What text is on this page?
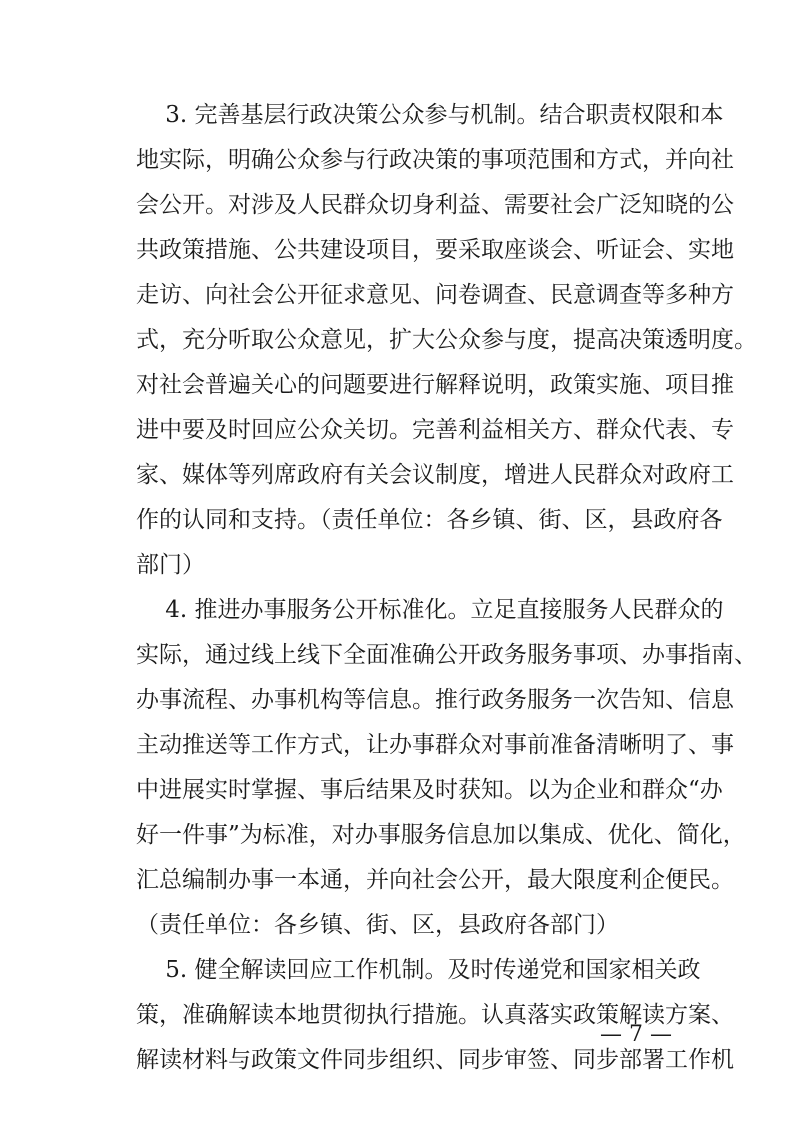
3. 完善基层行政决策公众参与机制。结合职责权限和本
地实际，明确公众参与行政决策的事项范围和方式，并向社
会公开。对涉及人民群众切身利益、需要社会广泛知晓的公
共政策措施、公共建设项目，要采取座谈会、听证会、实地
走访、向社会公开征求意见、问卷调查、民意调查等多种方
式，充分听取公众意见，扩大公众参与度，提高决策透明度。
对社会普遍关心的问题要进行解释说明，政策实施、项目推
进中要及时回应公众关切。完善利益相关方、群众代表、专
家、媒体等列席政府有关会议制度，增进人民群众对政府工
作的认同和支持。（责任单位：各乡镇、街、区，县政府各
部门）
4. 推进办事服务公开标准化。立足直接服务人民群众的
实际，通过线上线下全面准确公开政务服务事项、办事指南、
办事流程、办事机构等信息。推行政务服务一次告知、信息
主动推送等工作方式，让办事群众对事前准备清晰明了、事
中进展实时掌握、事后结果及时获知。以为企业和群众“办
好一件事”为标准，对办事服务信息加以集成、优化、简化，
汇总编制办事一本通，并向社会公开，最大限度利企便民。
（责任单位：各乡镇、街、区，县政府各部门）
5. 健全解读回应工作机制。及时传递党和国家相关政
策，准确解读本地贯彻执行措施。认真落实政策解读方案、
解读材料与政策文件同步组织、同步审签、同步部署工作机
— 7 —
